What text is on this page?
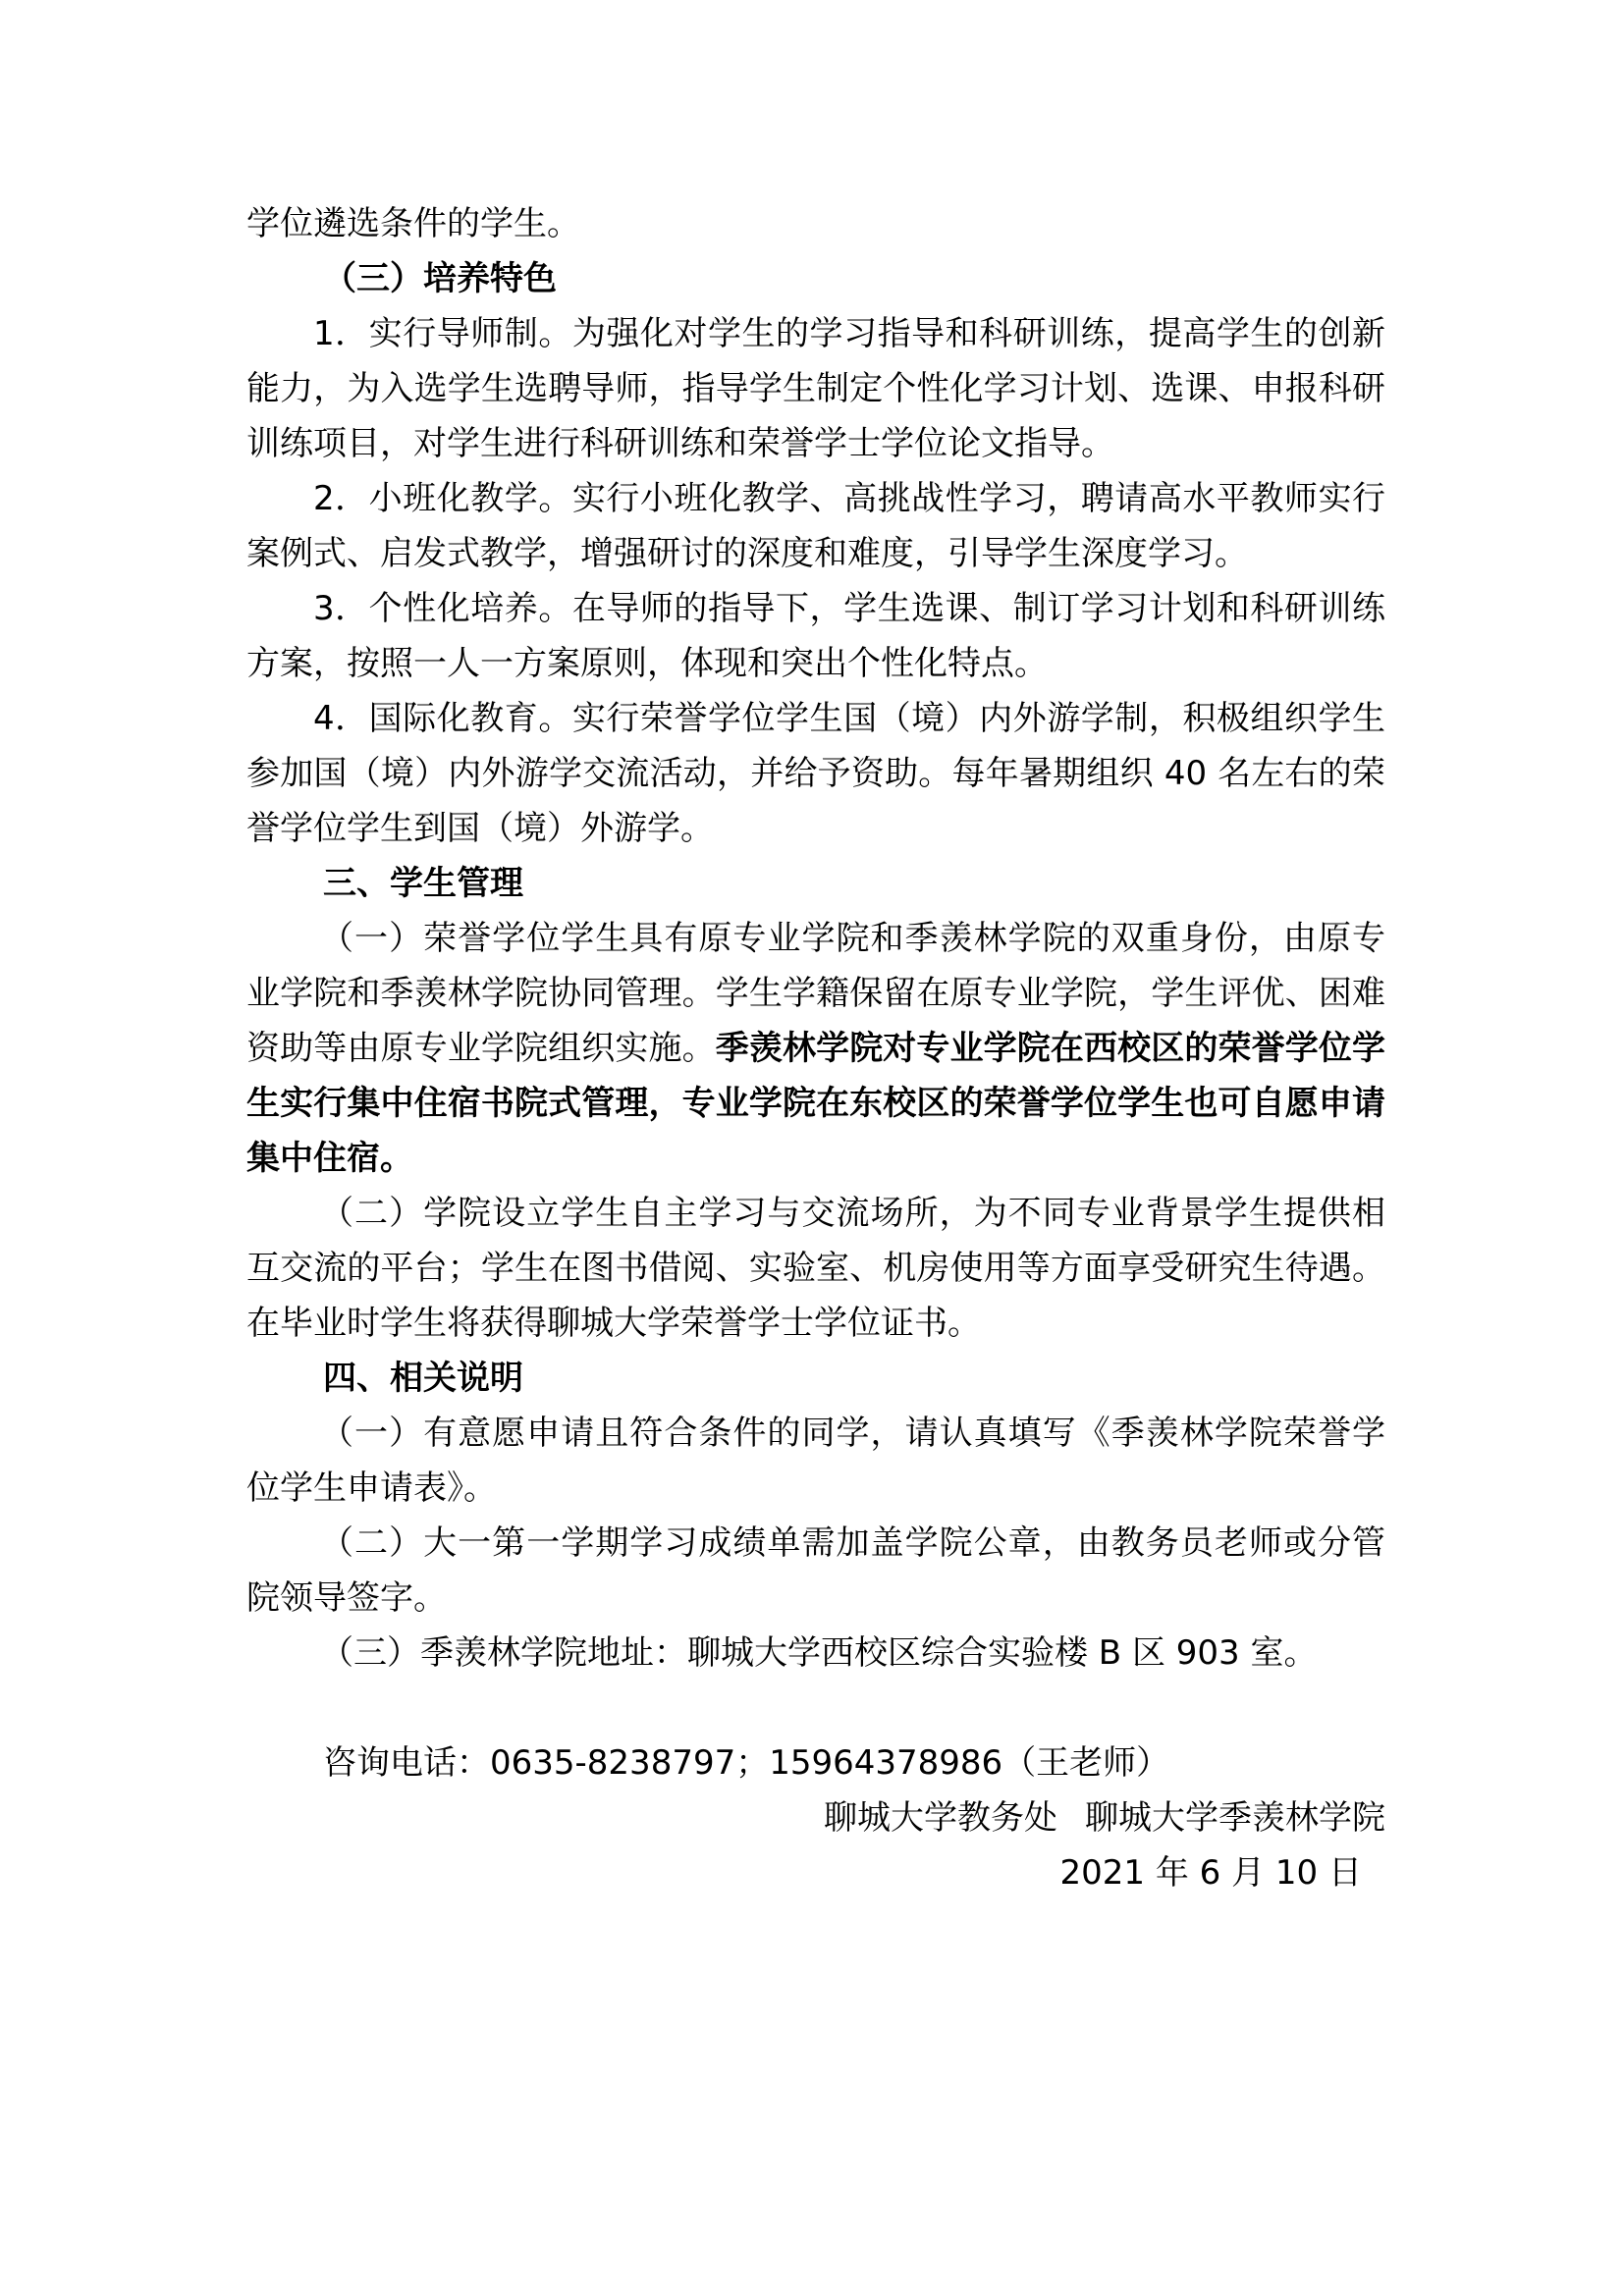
学位遴选条件的学生。

（三）培养特色

1．实行导师制。为强化对学生的学习指导和科研训练，提高学生的创新能力，为入选学生选聘导师，指导学生制定个性化学习计划、选课、申报科研训练项目，对学生进行科研训练和荣誉学士学位论文指导。

2．小班化教学。实行小班化教学、高挑战性学习，聘请高水平教师实行案例式、启发式教学，增强研讨的深度和难度，引导学生深度学习。

3．个性化培养。在导师的指导下，学生选课、制订学习计划和科研训练方案，按照一人一方案原则，体现和突出个性化特点。

4．国际化教育。实行荣誉学位学生国（境）内外游学制，积极组织学生参加国（境）内外游学交流活动，并给予资助。每年暑期组织 40 名左右的荣誉学位学生到国（境）外游学。

三、学生管理

（一）荣誉学位学生具有原专业学院和季羡林学院的双重身份，由原专业学院和季羡林学院协同管理。学生学籍保留在原专业学院，学生评优、困难资助等由原专业学院组织实施。季羡林学院对专业学院在西校区的荣誉学位学生实行集中住宿书院式管理，专业学院在东校区的荣誉学位学生也可自愿申请集中住宿。

（二）学院设立学生自主学习与交流场所，为不同专业背景学生提供相互交流的平台；学生在图书借阅、实验室、机房使用等方面享受研究生待遇。在毕业时学生将获得聊城大学荣誉学士学位证书。

四、相关说明

（一）有意愿申请且符合条件的同学，请认真填写《季羡林学院荣誉学位学生申请表》。

（二）大一第一学期学习成绩单需加盖学院公章，由教务员老师或分管院领导签字。

（三）季羡林学院地址：聊城大学西校区综合实验楼 B 区 903 室。

咨询电话：0635-8238797；15964378986（王老师）

聊城大学教务处 聊城大学季羡林学院

2021 年 6 月 10 日
